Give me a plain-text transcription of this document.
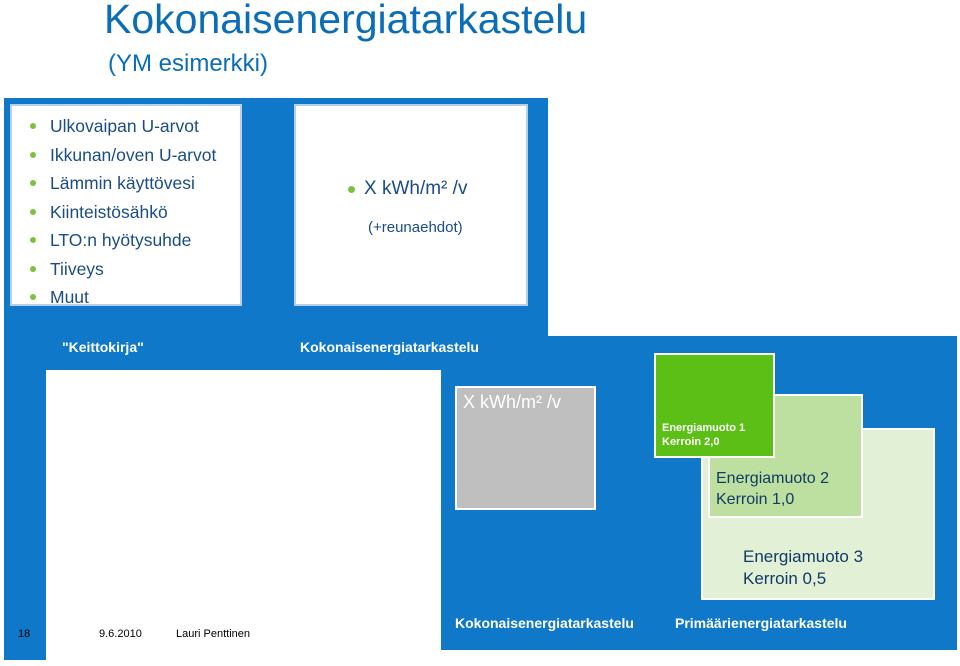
Kokonaisenergiatarkastelu
(YM esimerkki)
Ulkovaipan U-arvot
Ikkunan/oven U-arvot
Lämmin käyttövesi
Kiinteistösähkö
LTO:n hyötysuhde
Tiiveys
Muut
X kWh/m² /v
(+reunaehdot)
"Keittokirja"	Kokonaisenergiatarkastelu
Kokonaisenergiatarkastelu	Primäärienergiatarkastelu
X kWh/m² /v
Energiamuoto 3
Kerroin 0,5
Energiamuoto 2
Kerroin 1,0
Energiamuoto 1
Kerroin 2,0
18	9.6.2010	Lauri Penttinen
